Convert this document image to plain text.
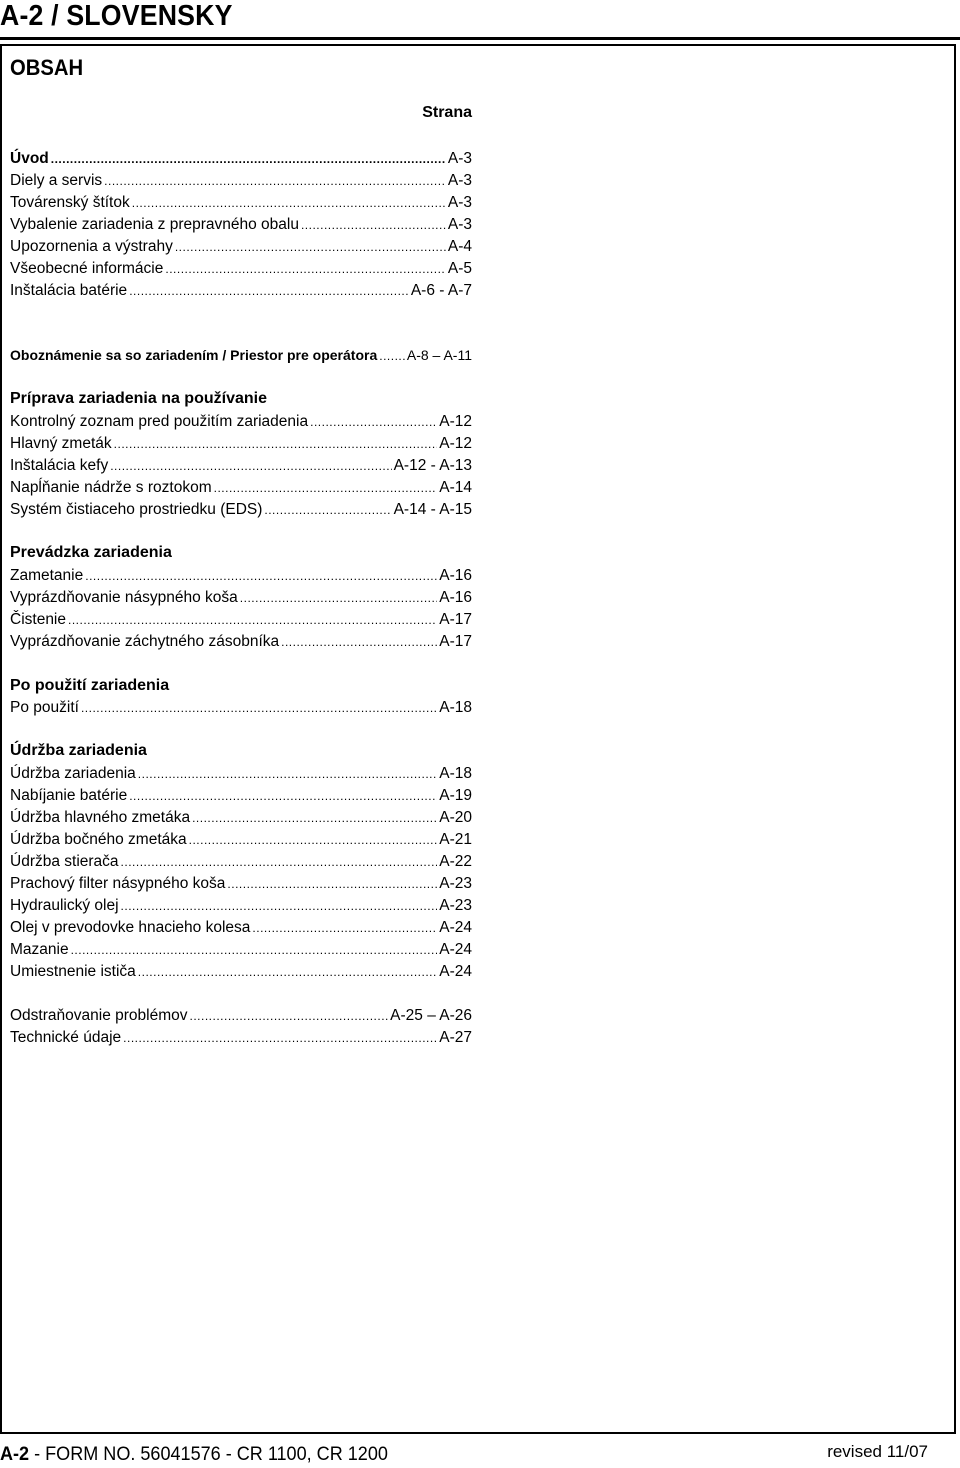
A-2 / SLOVENSKY
OBSAH
Strana
Úvod .....	A-3
Diely a servis .....	A-3
Továrenský štítok .....	A-3
Vybalenie zariadenia z prepravného obalu .....	A-3
Upozornenia a výstrahy .....	A-4
Všeobecné informácie .....	A-5
Inštalácia batérie .....	A-6 - A-7
Oboznámenie sa so zariadením / Priestor pre operátora ..... A-8 – A-11
Príprava zariadenia na používanie
Kontrolný zoznam pred použitím zariadenia .....	A-12
Hlavný zmeták .....	A-12
Inštalácia kefy .....	A-12 - A-13
Napĺňanie nádrže s roztokom .....	A-14
Systém čistiaceho prostriedku (EDS) .....	A-14 - A-15
Prevádzka zariadenia
Zametanie .....	A-16
Vyprázdňovanie násypného koša .....	A-16
Čistenie .....	A-17
Vyprázdňovanie záchytného zásobníka .....	A-17
Po použití zariadenia
Po použití .....	A-18
Údržba zariadenia
Údržba zariadenia .....	A-18
Nabíjanie batérie .....	A-19
Údržba hlavného zmetáka .....	A-20
Údržba bočného zmetáka .....	A-21
Údržba stierača .....	A-22
Prachový filter násypného koša .....	A-23
Hydraulický olej .....	A-23
Olej v prevodovke hnacieho kolesa .....	A-24
Mazanie .....	A-24
Umiestnenie ističa .....	A-24
Odstraňovanie problémov .....	A-25 – A-26
Technické údaje .....	A-27
A-2 - FORM NO. 56041576 - CR 1100, CR 1200	revised 11/07
